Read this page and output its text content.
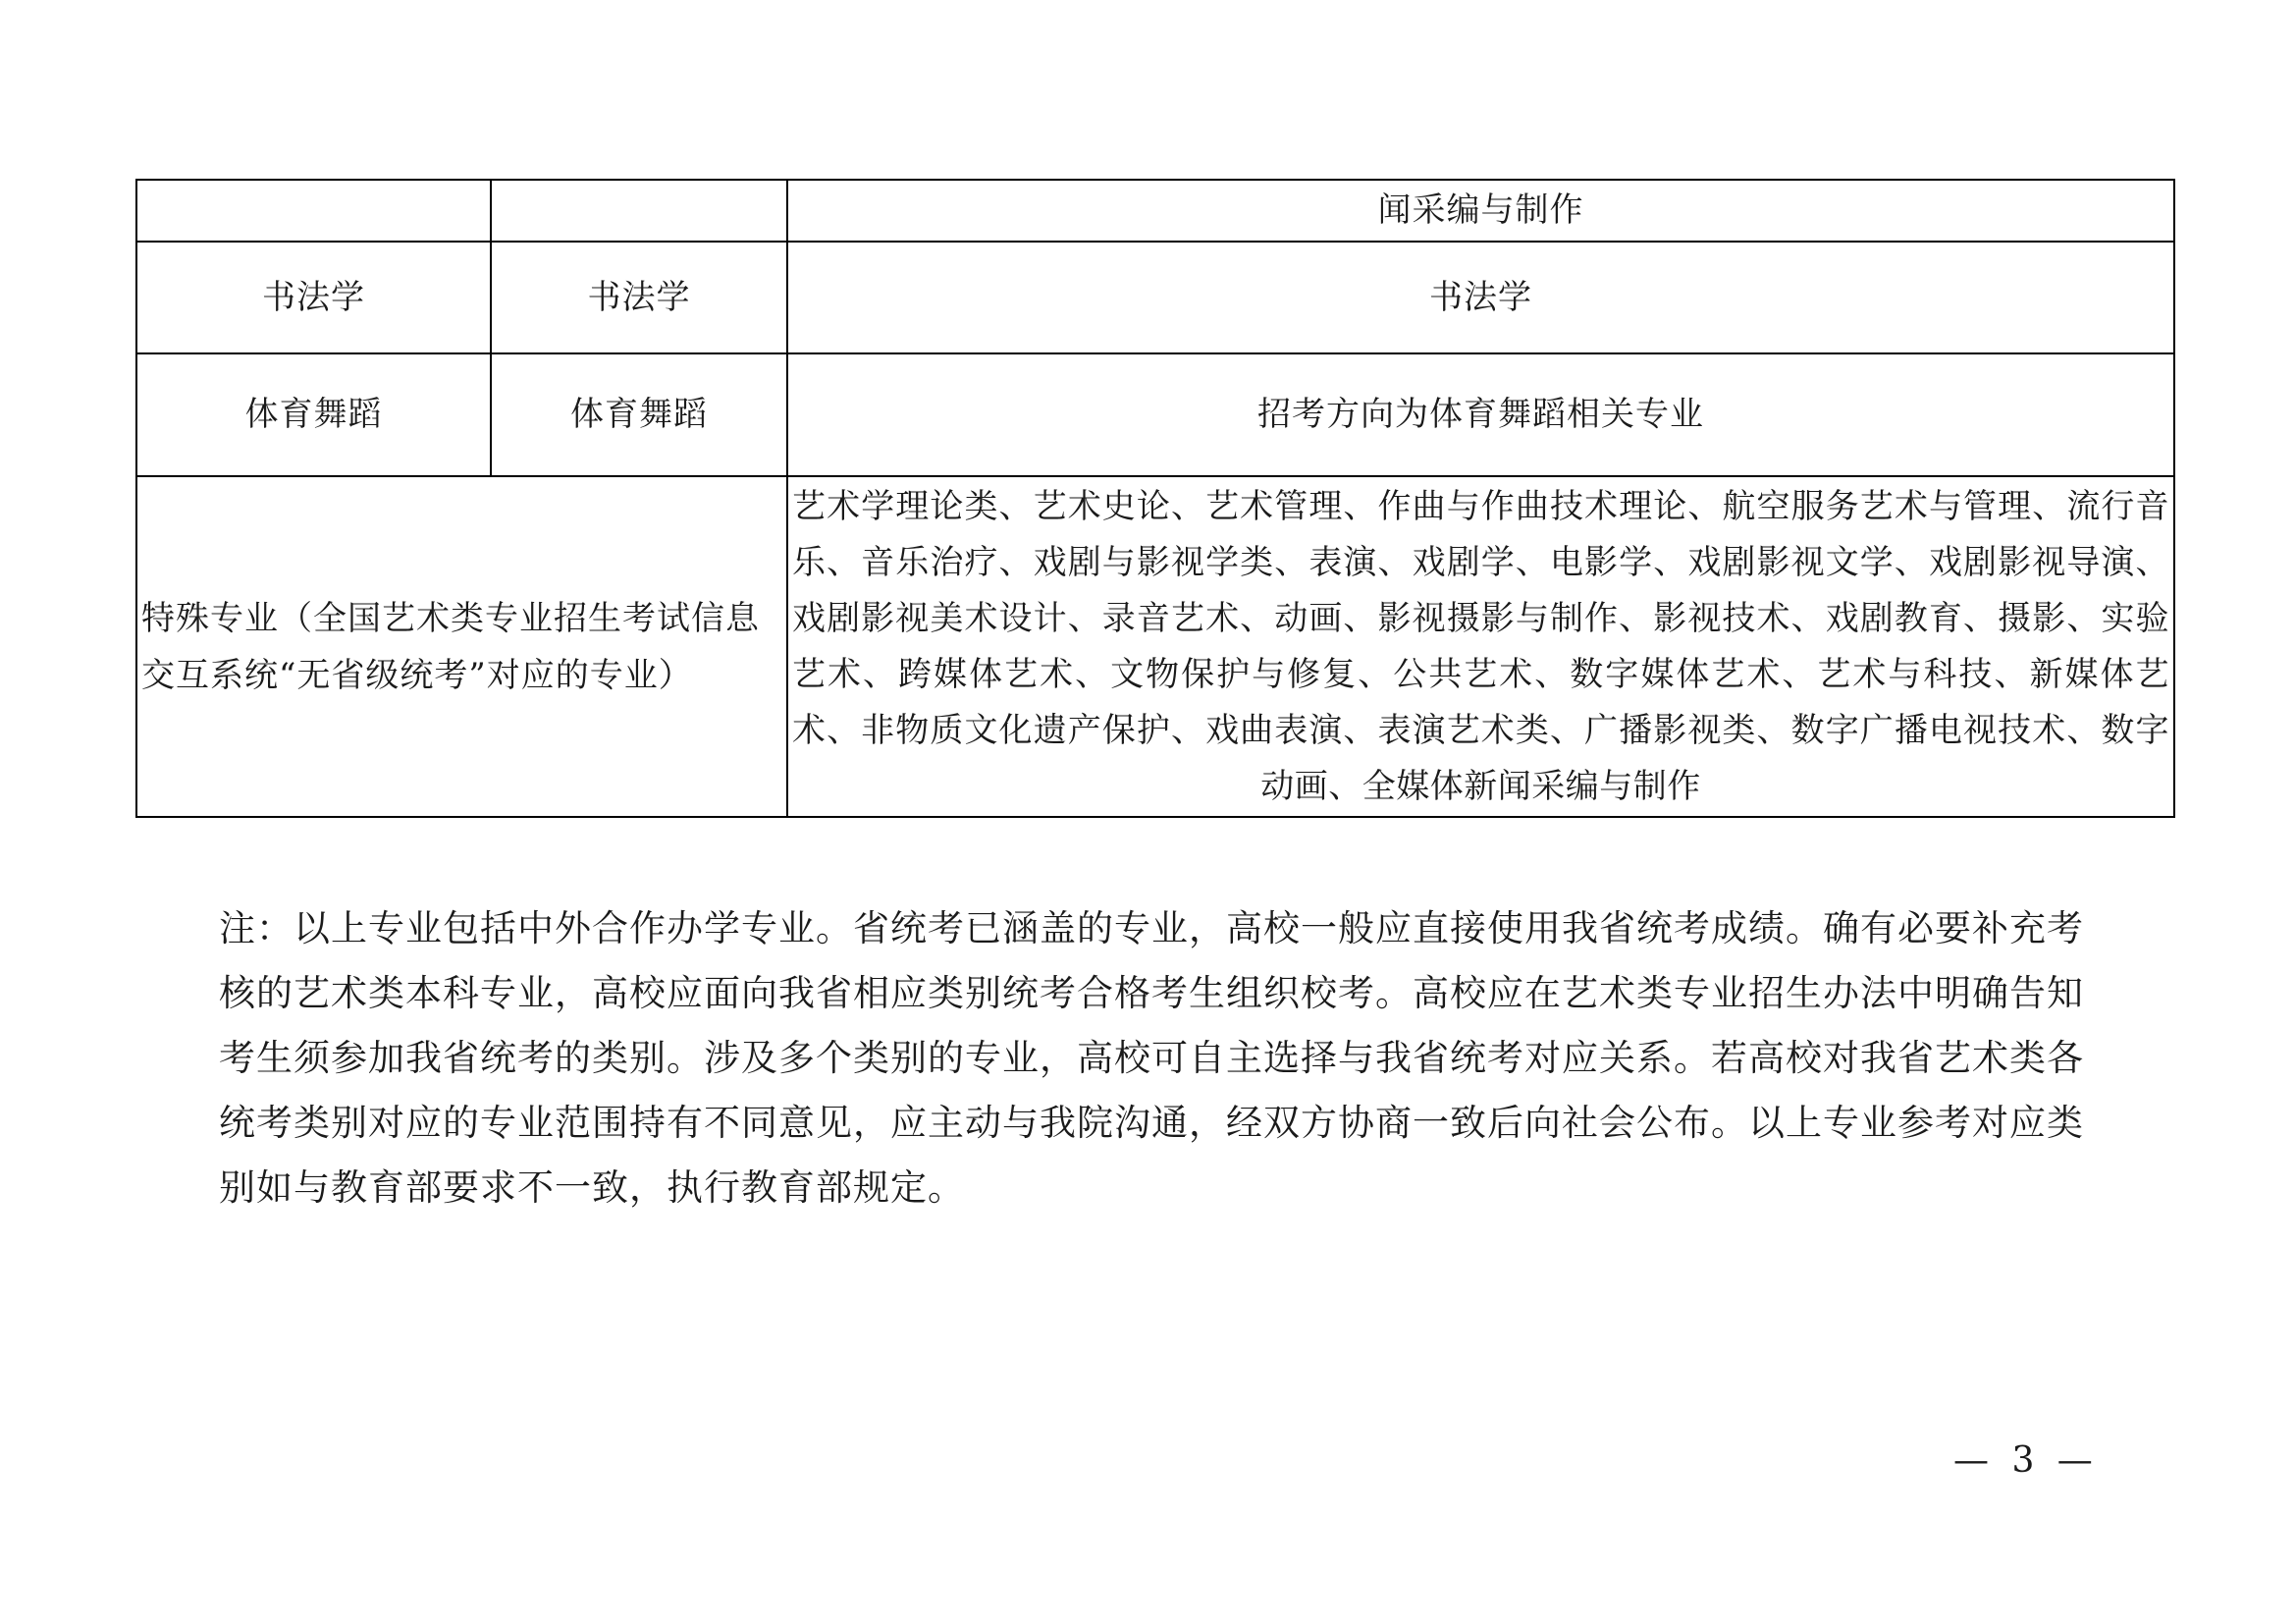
		闻采编与制作
书法学	书法学	书法学
体育舞蹈	体育舞蹈	招考方向为体育舞蹈相关专业
特殊专业（全国艺术类专业招生考试信息交互系统“无省级统考”对应的专业）		艺术学理论类、艺术史论、艺术管理、作曲与作曲技术理论、航空服务艺术与管理、流行音乐、音乐治疗、戏剧与影视学类、表演、戏剧学、电影学、戏剧影视文学、戏剧影视导演、戏剧影视美术设计、录音艺术、动画、影视摄影与制作、影视技术、戏剧教育、摄影、实验艺术、跨媒体艺术、文物保护与修复、公共艺术、数字媒体艺术、艺术与科技、新媒体艺术、非物质文化遗产保护、戏曲表演、表演艺术类、广播影视类、数字广播电视技术、数字动画、全媒体新闻采编与制作

注：以上专业包括中外合作办学专业。省统考已涵盖的专业，高校一般应直接使用我省统考成绩。确有必要补充考核的艺术类本科专业，高校应面向我省相应类别统考合格考生组织校考。高校应在艺术类专业招生办法中明确告知考生须参加我省统考的类别。涉及多个类别的专业，高校可自主选择与我省统考对应关系。若高校对我省艺术类各统考类别对应的专业范围持有不同意见，应主动与我院沟通，经双方协商一致后向社会公布。以上专业参考对应类别如与教育部要求不一致，执行教育部规定。

— 3 —
